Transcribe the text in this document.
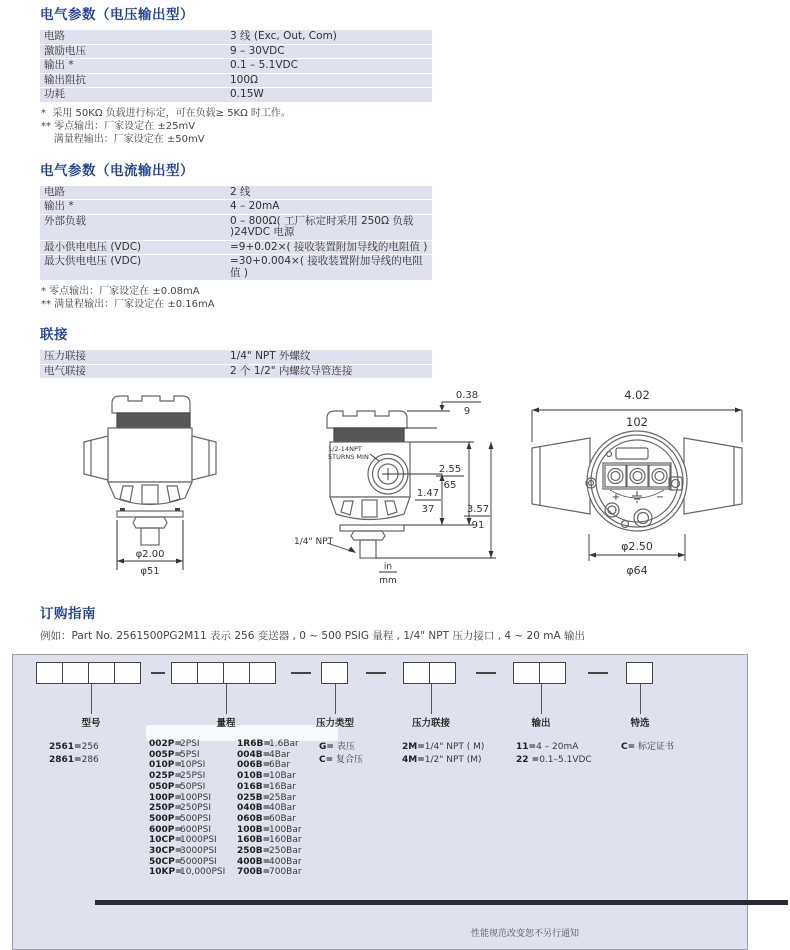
电气参数（电压输出型）
电路	3 线 (Exc, Out, Com)
激励电压	9 – 30VDC
输出 *	0.1 – 5.1VDC
输出阻抗	100Ω
功耗	0.15W
*  采用 50KΩ 负载进行标定，可在负载≥ 5KΩ 时工作。
** 零点输出：厂家设定在 ±25mV
满量程输出：厂家设定在 ±50mV
电气参数（电流输出型）
电路	2 线
输出 *	4 – 20mA
外部负载	0 – 800Ω( 工厂标定时采用 250Ω 负载 )24VDC 电源
最小供电电压 (VDC)	=9+0.02×( 接收装置附加导线的电阻值 )
最大供电电压 (VDC)	=30+0.004×( 接收装置附加导线的电阻值 )
* 零点输出：厂家设定在 ±0.08mA
** 满量程输出：厂家设定在 ±0.16mA
联接
压力联接	1/4" NPT 外螺纹
电气联接	2 个 1/2" 内螺纹导管连接
φ2.00
φ51
1/2-14NPT
5TURNS MIN
1/4" NPT
0.38
9
2.55
65
1.47
37	3.57
91
in
mm
+	−
4.02
102
φ2.50
φ64
订购指南
例如：Part No. 2561500PG2M11 表示 256 变送器 , 0 ~ 500 PSIG 量程 , 1/4" NPT 压力接口 , 4 ~ 20 mA 输出
型号	量程	压力类型	压力联接	输出	特选
2561=256
2861=286
002P=2PSI	1R6B=1.6Bar
005P=5PSI	004B=4Bar
010P=10PSI	006B=6Bar
025P=25PSI	010B=10Bar
050P=50PSI	016B=16Bar
100P=100PSI	025B=25Bar
250P=250PSI	040B=40Bar
500P=500PSI	060B=60Bar
600P=600PSI	100B=100Bar
10CP=1000PSI 160B=160Bar
30CP=3000PSI 250B=250Bar
50CP=5000PSI 400B=400Bar
10KP=10,000PSI 700B=700Bar
G= 表压
C= 复合压
2M=1/4" NPT ( M)
4M=1/2" NPT (M)
11=4 – 20mA
22 =0.1–5.1VDC
C= 标定证书
性能规范改变恕不另行通知
